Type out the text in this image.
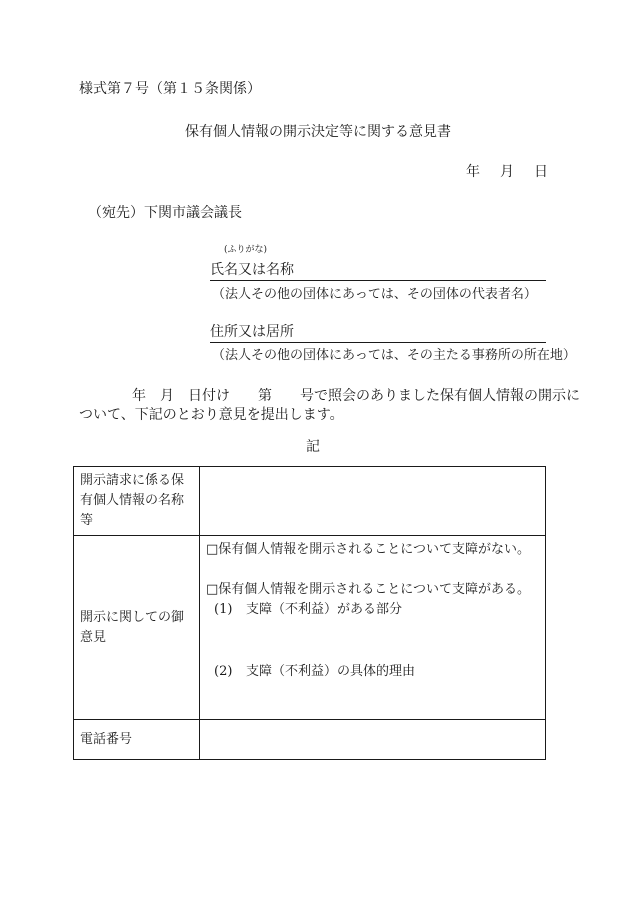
様式第７号（第１５条関係）
保有個人情報の開示決定等に関する意見書
年 月 日
（宛先）下関市議会議長
(ふりがな)
氏名又は名称
（法人その他の団体にあっては、その団体の代表者名）
住所又は居所
（法人その他の団体にあっては、その主たる事務所の所在地）
年　月　日付け　　第　　号で照会のありました保有個人情報の開示に
ついて、下記のとおり意見を提出します。
記
開示請求に係る保有個人情報の名称等	

開示に関しての御意見	□保有個人情報を開示されることについて支障がない。
□保有個人情報を開示されることについて支障がある。
(1) 支障（不利益）がある部分
(2) 支障（不利益）の具体的理由

電話番号	
